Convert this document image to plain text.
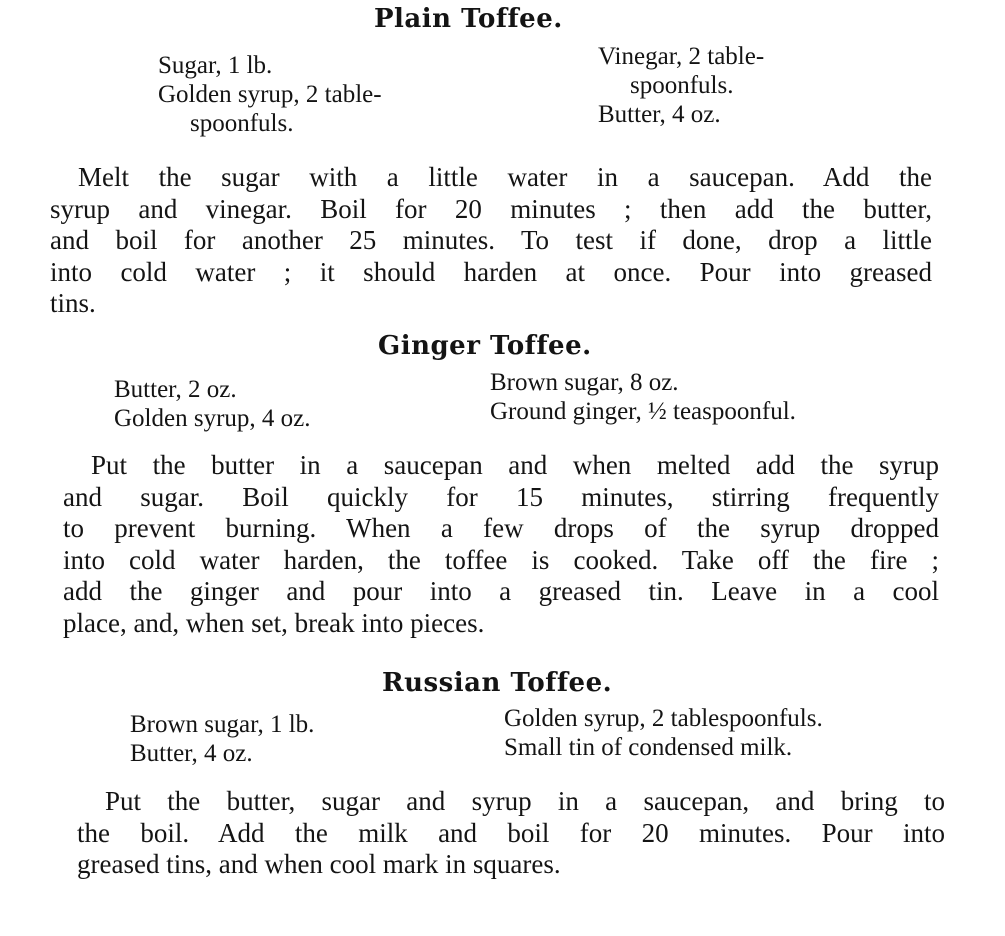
Plain Toffee.
Sugar, 1 lb.
Golden syrup, 2 table-
spoonfuls.
Vinegar, 2 table-
spoonfuls.
Butter, 4 oz.
Melt the sugar with a little water in a saucepan. Add the
syrup and vinegar. Boil for 20 minutes ; then add the butter,
and boil for another 25 minutes. To test if done, drop a little
into cold water ; it should harden at once. Pour into greased
tins.
Ginger Toffee.
Butter, 2 oz.
Golden syrup, 4 oz.
Brown sugar, 8 oz.
Ground ginger, ½ teaspoonful.
Put the butter in a saucepan and when melted add the syrup
and sugar. Boil quickly for 15 minutes, stirring frequently
to prevent burning. When a few drops of the syrup dropped
into cold water harden, the toffee is cooked. Take off the fire ;
add the ginger and pour into a greased tin. Leave in a cool
place, and, when set, break into pieces.
Russian Toffee.
Brown sugar, 1 lb.
Butter, 4 oz.
Golden syrup, 2 tablespoonfuls.
Small tin of condensed milk.
Put the butter, sugar and syrup in a saucepan, and bring to
the boil. Add the milk and boil for 20 minutes. Pour into
greased tins, and when cool mark in squares.
